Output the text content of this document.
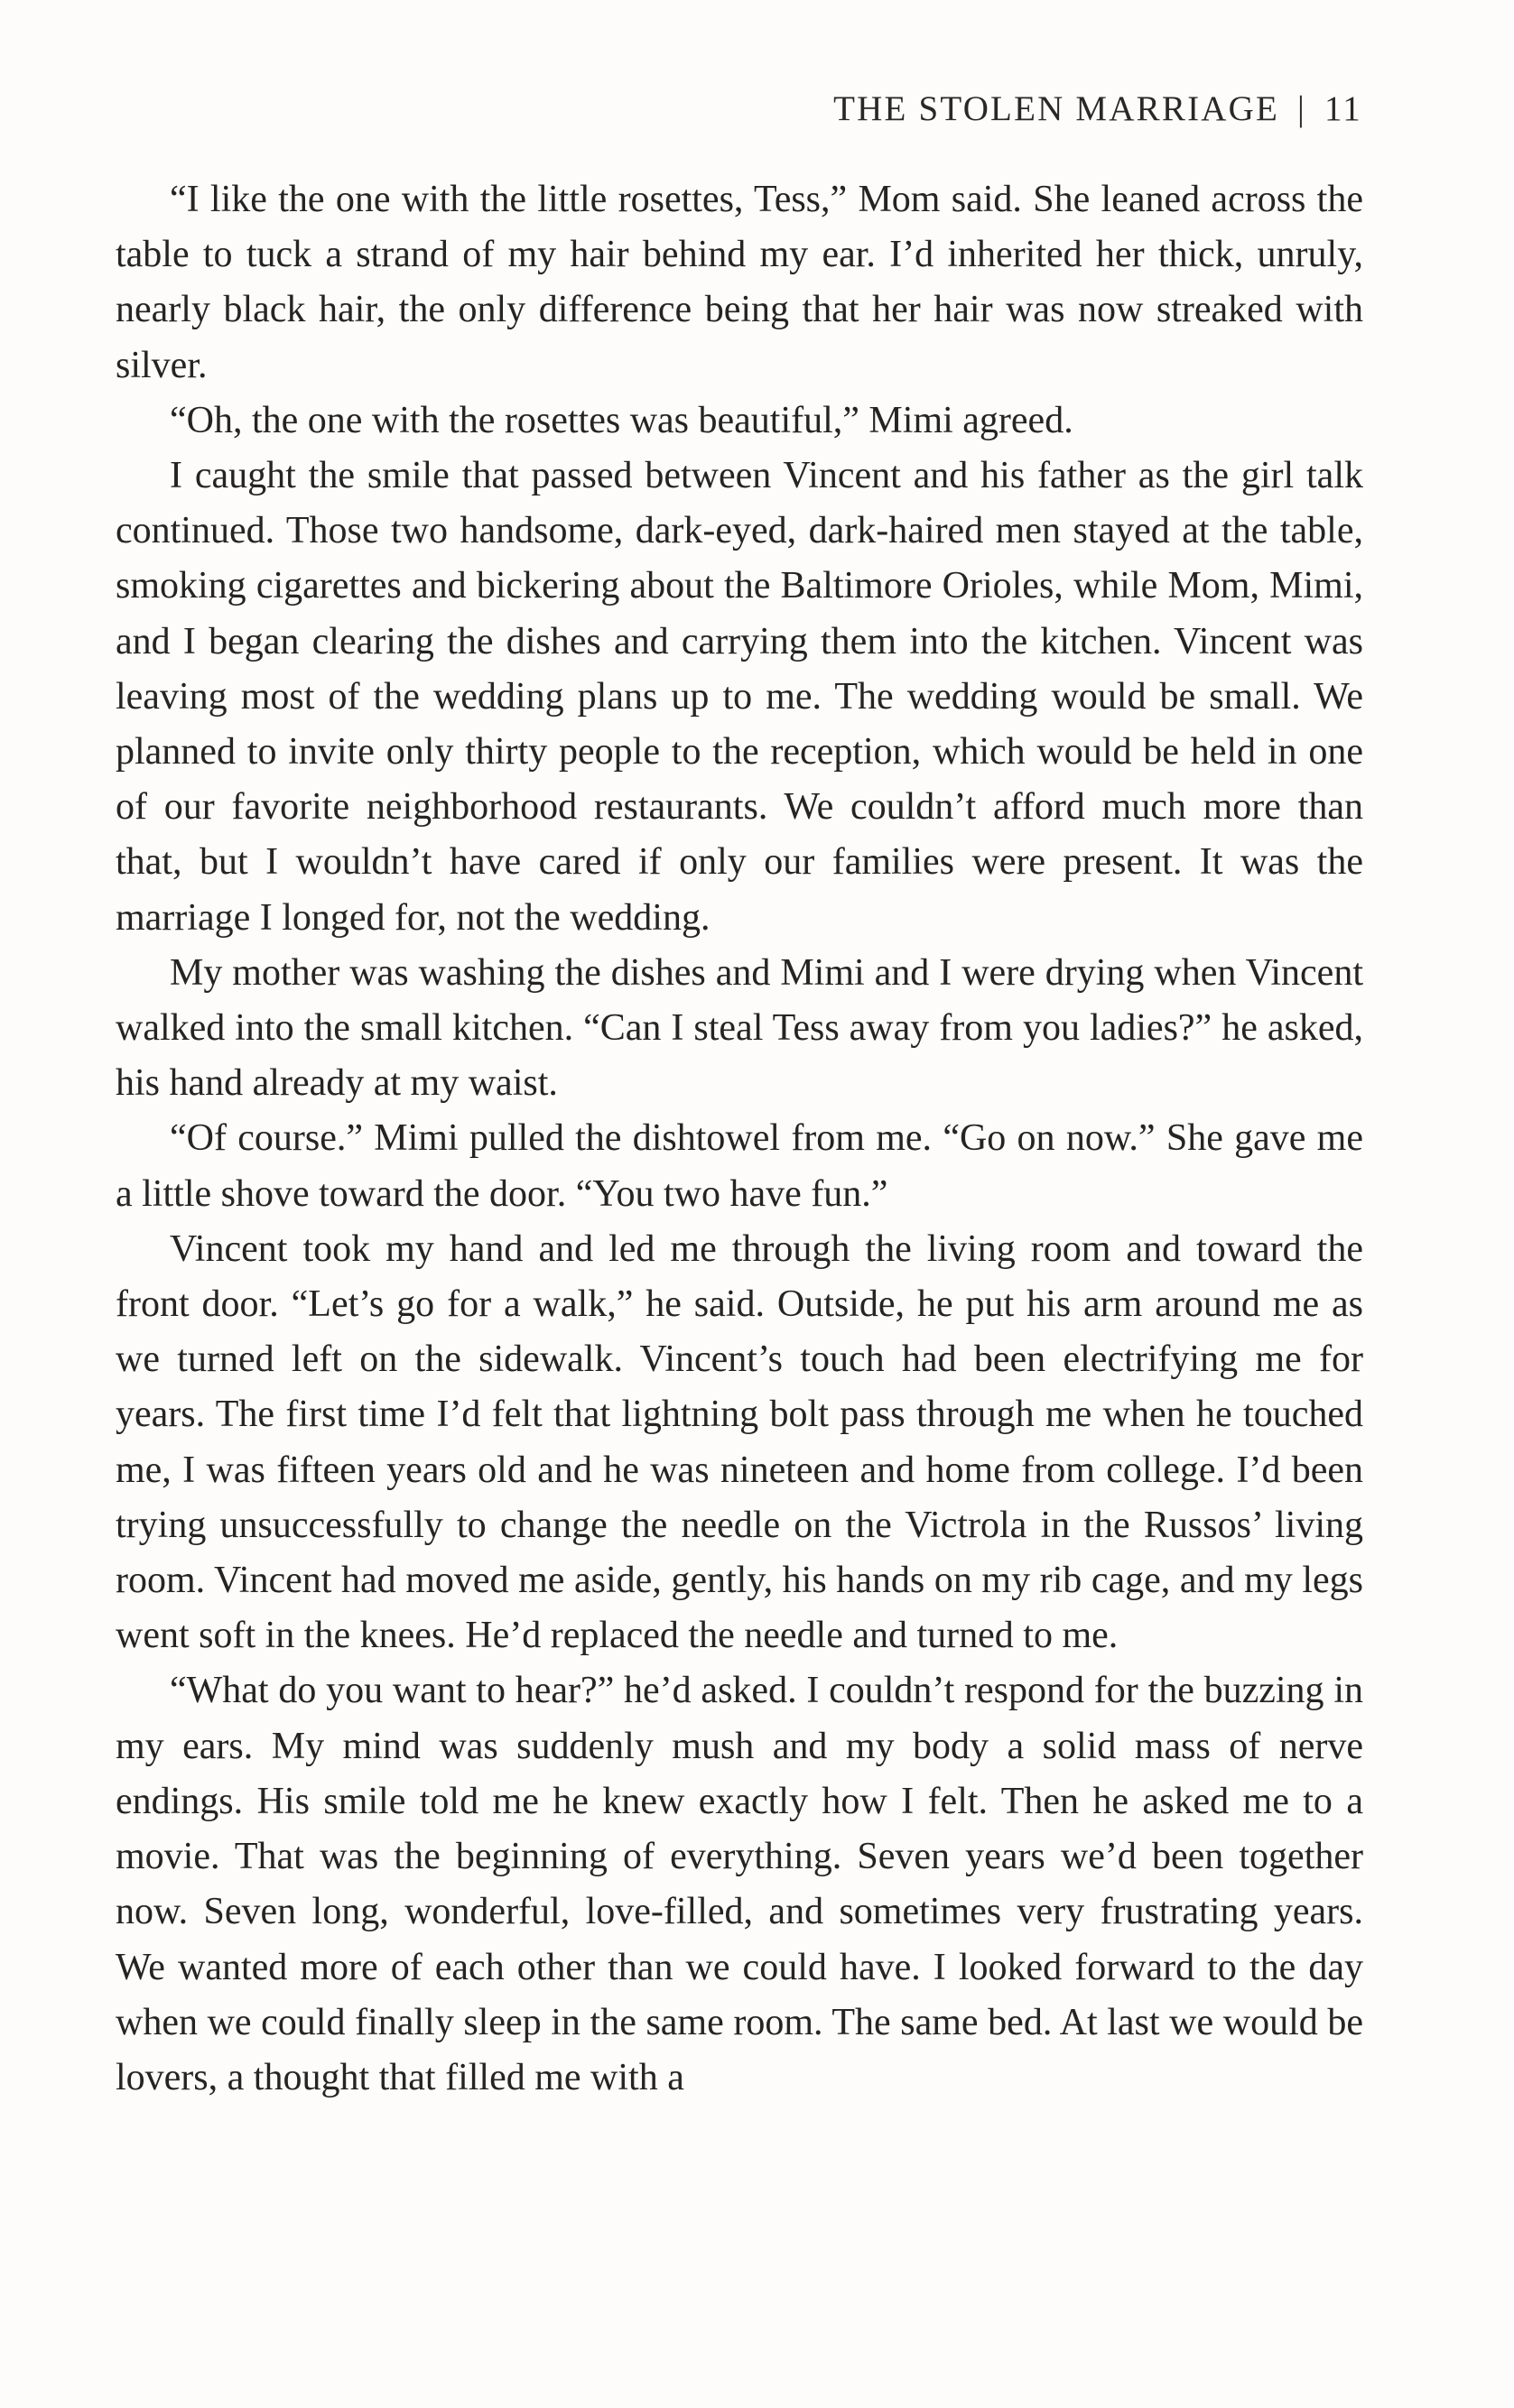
THE STOLEN MARRIAGE | 11

“I like the one with the little rosettes, Tess,” Mom said. She leaned across the table to tuck a strand of my hair behind my ear. I’d inherited her thick, unruly, nearly black hair, the only difference being that her hair was now streaked with silver.

“Oh, the one with the rosettes was beautiful,” Mimi agreed.

I caught the smile that passed between Vincent and his father as the girl talk continued. Those two handsome, dark-eyed, dark-haired men stayed at the table, smoking cigarettes and bickering about the Baltimore Orioles, while Mom, Mimi, and I began clearing the dishes and carrying them into the kitchen. Vincent was leaving most of the wedding plans up to me. The wedding would be small. We planned to invite only thirty people to the reception, which would be held in one of our favorite neighborhood restaurants. We couldn’t afford much more than that, but I wouldn’t have cared if only our families were present. It was the marriage I longed for, not the wedding.

My mother was washing the dishes and Mimi and I were drying when Vincent walked into the small kitchen. “Can I steal Tess away from you ladies?” he asked, his hand already at my waist.

“Of course.” Mimi pulled the dishtowel from me. “Go on now.” She gave me a little shove toward the door. “You two have fun.”

Vincent took my hand and led me through the living room and toward the front door. “Let’s go for a walk,” he said. Outside, he put his arm around me as we turned left on the sidewalk. Vincent’s touch had been electrifying me for years. The first time I’d felt that lightning bolt pass through me when he touched me, I was fifteen years old and he was nineteen and home from college. I’d been trying unsuccessfully to change the needle on the Victrola in the Russos’ living room. Vincent had moved me aside, gently, his hands on my rib cage, and my legs went soft in the knees. He’d replaced the needle and turned to me.

“What do you want to hear?” he’d asked. I couldn’t respond for the buzzing in my ears. My mind was suddenly mush and my body a solid mass of nerve endings. His smile told me he knew exactly how I felt. Then he asked me to a movie. That was the beginning of everything. Seven years we’d been together now. Seven long, wonderful, love-filled, and sometimes very frustrating years. We wanted more of each other than we could have. I looked forward to the day when we could finally sleep in the same room. The same bed. At last we would be lovers, a thought that filled me with a
